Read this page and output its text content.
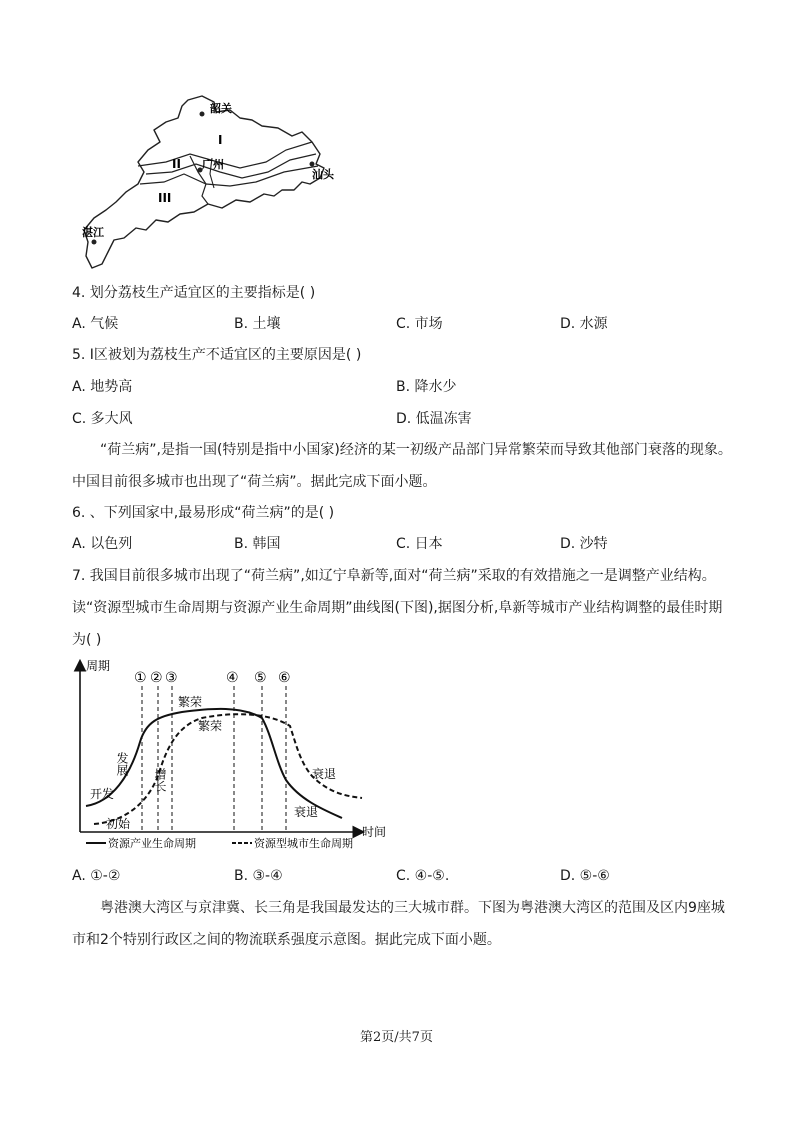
韶关
广州
汕头
湛江
I
II
III
4. 划分荔枝生产适宜区的主要指标是( )
A. 气候	B. 土壤	C. 市场	D. 水源
5. Ⅰ区被划为荔枝生产不适宜区的主要原因是( )
A. 地势高	B. 降水少
C. 多大风	D. 低温冻害
“荷兰病”,是指一国(特别是指中小国家)经济的某一初级产品部门异常繁荣而导致其他部门衰落的现象。中国目前很多城市也出现了“荷兰病”。据此完成下面小题。
6. 、下列国家中,最易形成“荷兰病”的是( )
A. 以色列	B. 韩国	C. 日本	D. 沙特
7. 我国目前很多城市出现了“荷兰病”,如辽宁阜新等,面对“荷兰病”采取的有效措施之一是调整产业结构。读“资源型城市生命周期与资源产业生命周期”曲线图(下图),据图分析,阜新等城市产业结构调整的最佳时期为( )
周期
时间
① ② ③	④ ⑤ ⑥
开发
发展
繁荣
衰退
初始
增长
繁荣
衰退
资源产业生命周期	资源型城市生命周期
A. ①-②	B. ③-④	C. ④-⑤.	D. ⑤-⑥
粤港澳大湾区与京津冀、长三角是我国最发达的三大城市群。下图为粤港澳大湾区的范围及区内9座城市和2个特别行政区之间的物流联系强度示意图。据此完成下面小题。
第2页/共7页
